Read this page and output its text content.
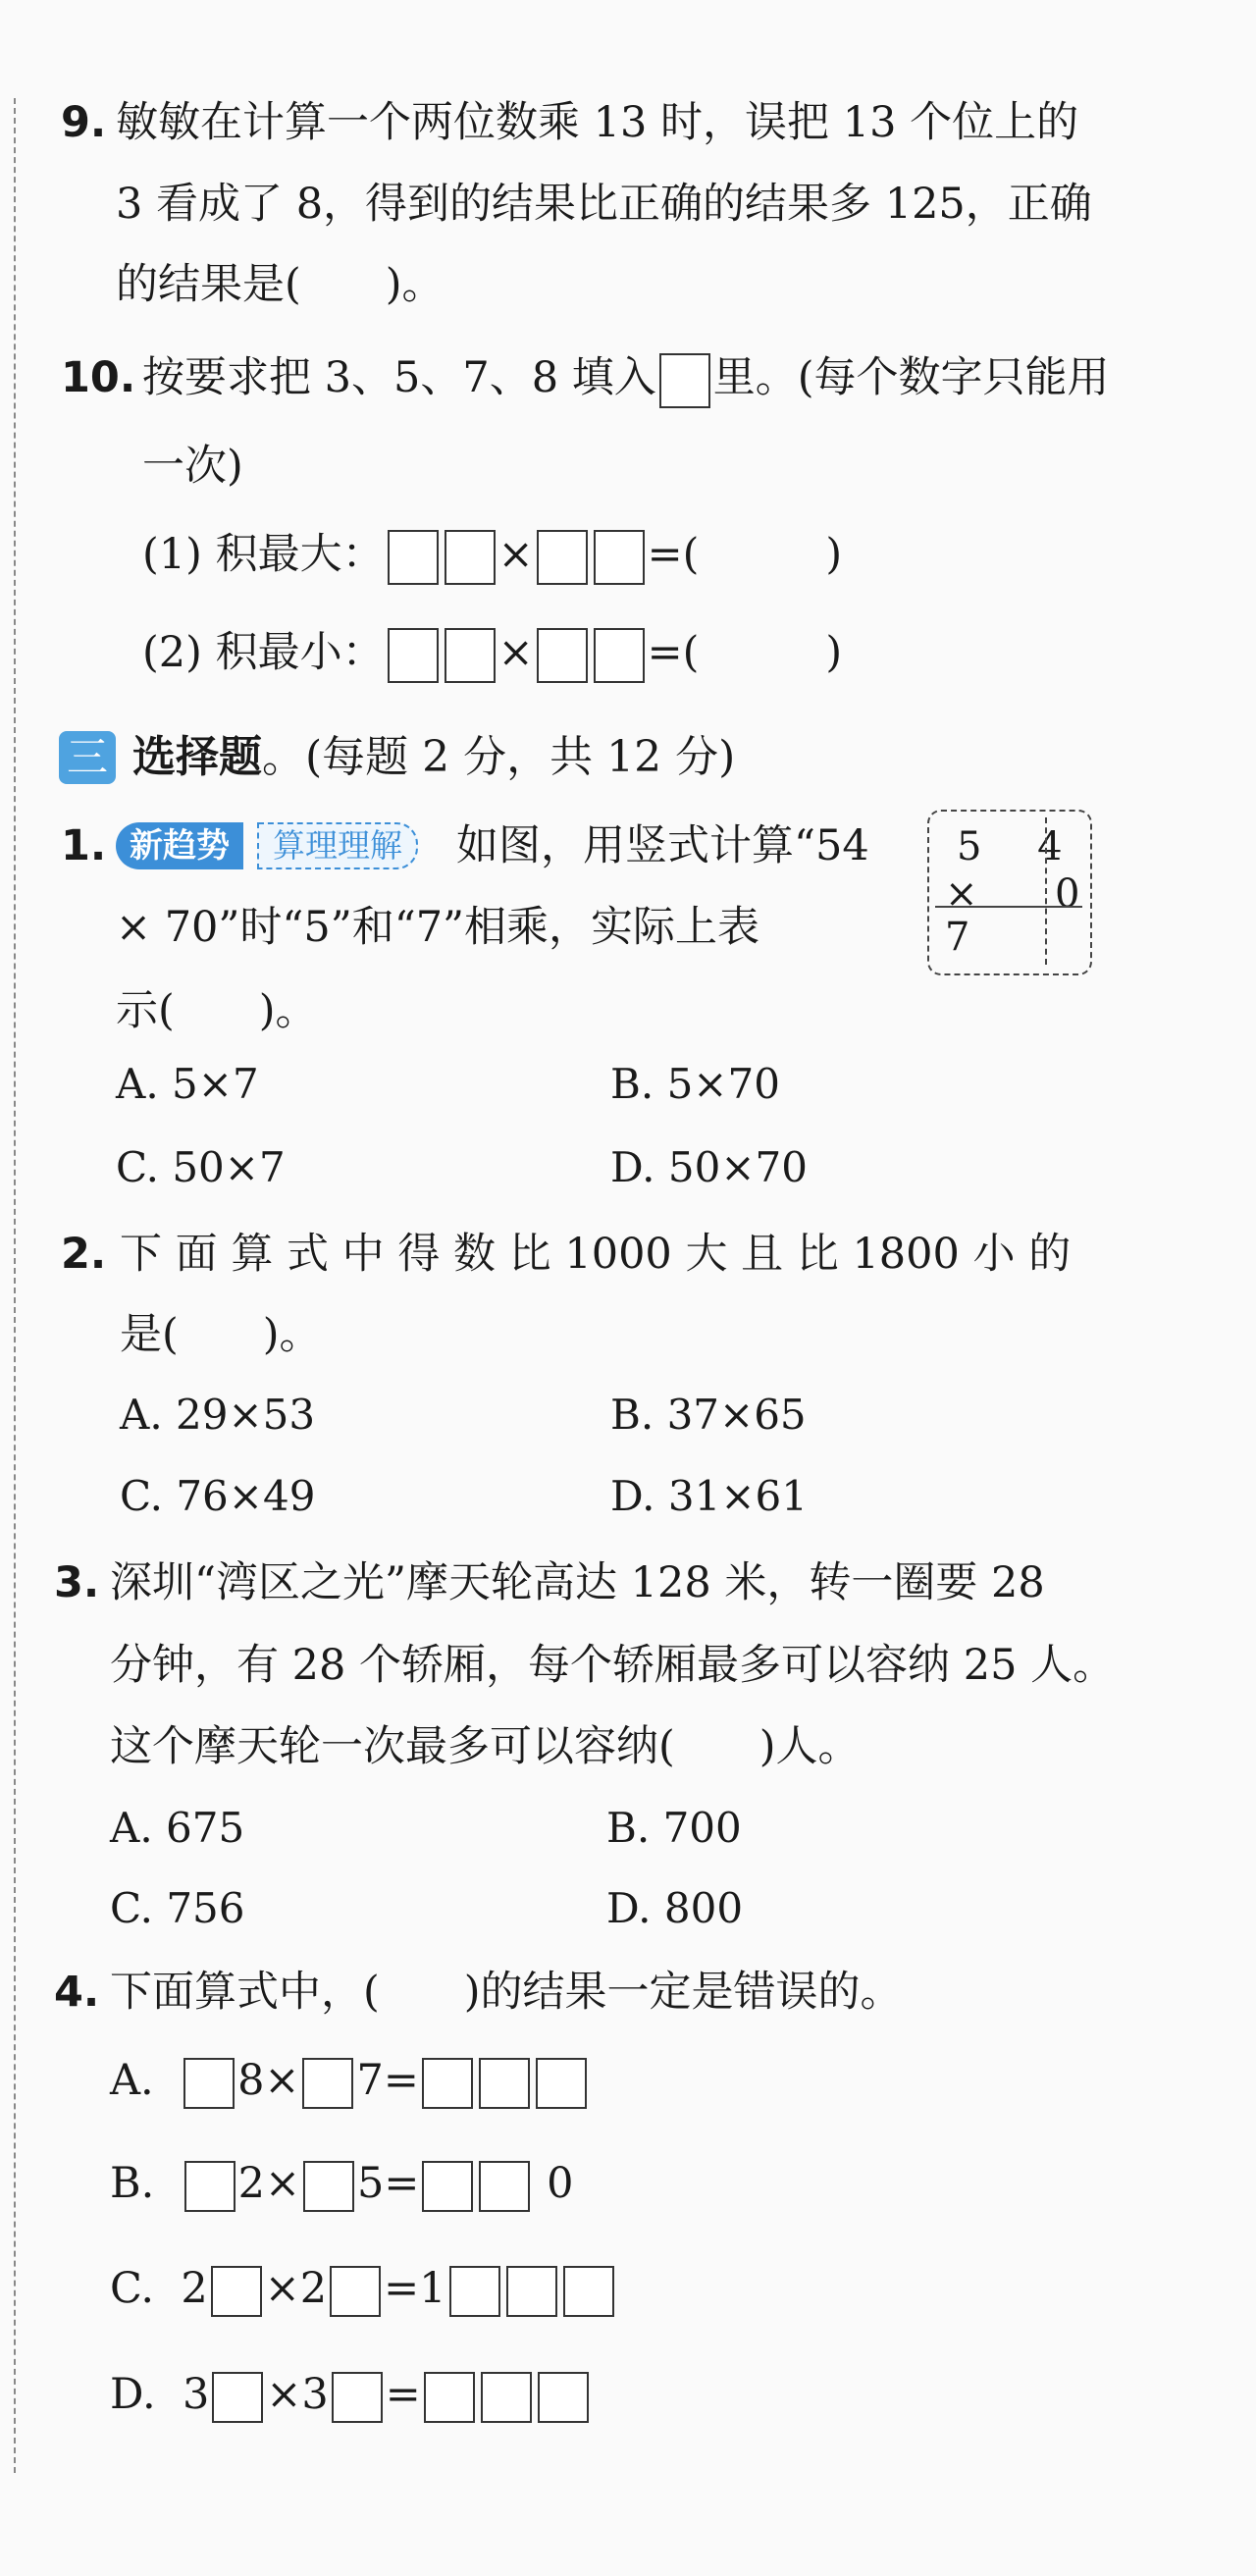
9. 敏敏在计算一个两位数乘 13 时，误把 13 个位上的
3 看成了 8，得到的结果比正确的结果多 125，正确
的结果是(　　)。
10. 按要求把 3、5、7、8 填入 里。(每个数字只能用
一次)
(1) 积最大：	×	=(　　　)
(2) 积最小：	×	=(　　　)
三 选择题。(每题 2 分，共 12 分)
1. 新趋势	算理理解	如图，用竖式计算“54
× 70”时“5”和“7”相乘，实际上表
示(　　)。
5 4
× 7
0
A. 5×7	B. 5×70
C. 50×7	D. 50×70
2. 下 面 算 式 中 得 数 比 1000 大 且 比 1800 小 的
是(　　)。
A. 29×53	B. 37×65
C. 76×49	D. 31×61
3. 深圳“湾区之光”摩天轮高达 128 米，转一圈要 28
分钟，有 28 个轿厢，每个轿厢最多可以容纳 25 人。
这个摩天轮一次最多可以容纳(　　)人。
A. 675	B. 700
C. 756	D. 800
4. 下面算式中，(　　)的结果一定是错误的。
A. 8× 7=
B. 2× 5=	0
C. 2 ×2 =1
D. 3 ×3 =
